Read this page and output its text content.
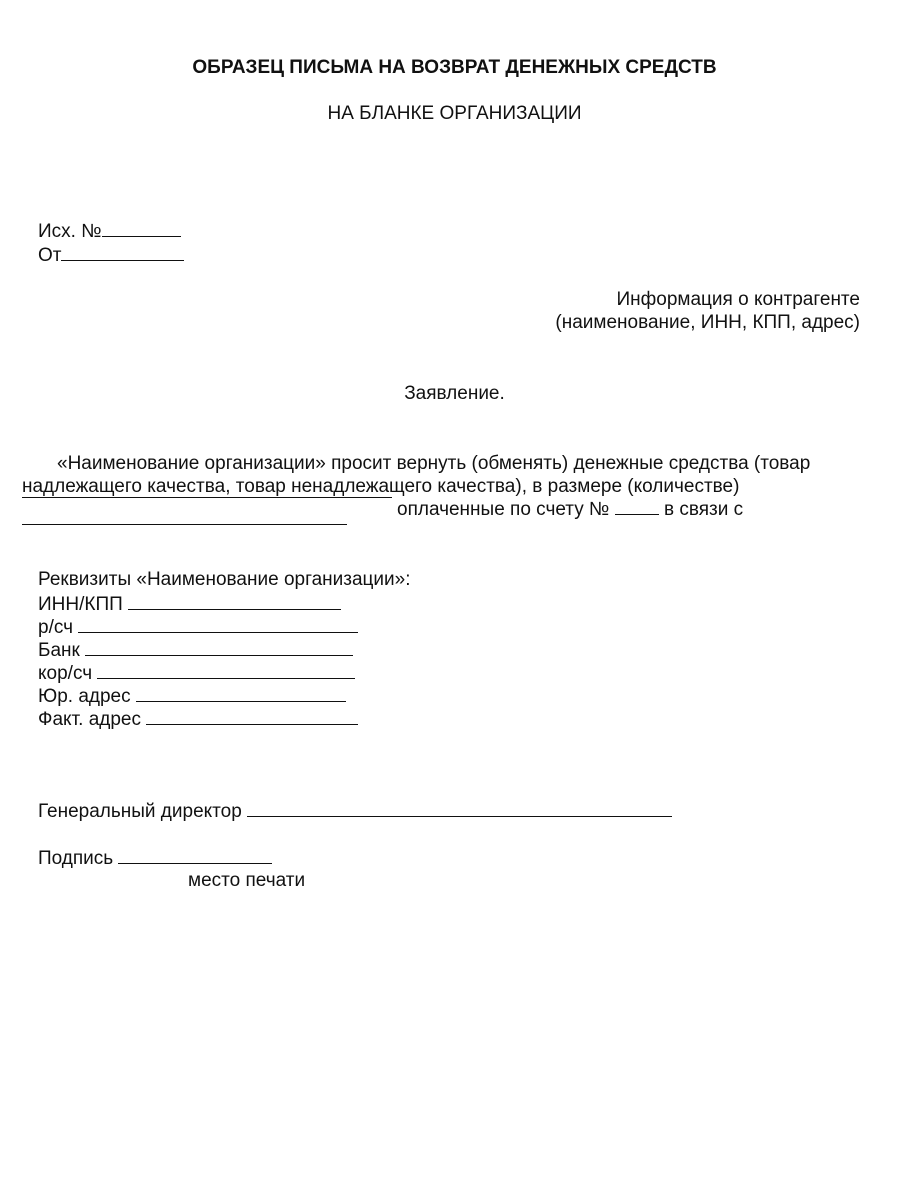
ОБРАЗЕЦ ПИСЬМА НА ВОЗВРАТ ДЕНЕЖНЫХ СРЕДСТВ
НА БЛАНКЕ ОРГАНИЗАЦИИ
Исх. №
От
Информация о контрагенте
(наименование, ИНН, КПП, адрес)
Заявление.
«Наименование организации» просит вернуть (обменять) денежные средства (товар
надлежащего качества, товар ненадлежащего качества), в размере (количестве)
оплаченные по счету №	в связи с
Реквизиты «Наименование организации»:
ИНН/КПП
р/сч
Банк
кор/сч
Юр. адрес
Факт. адрес
Генеральный директор
Подпись
место печати
